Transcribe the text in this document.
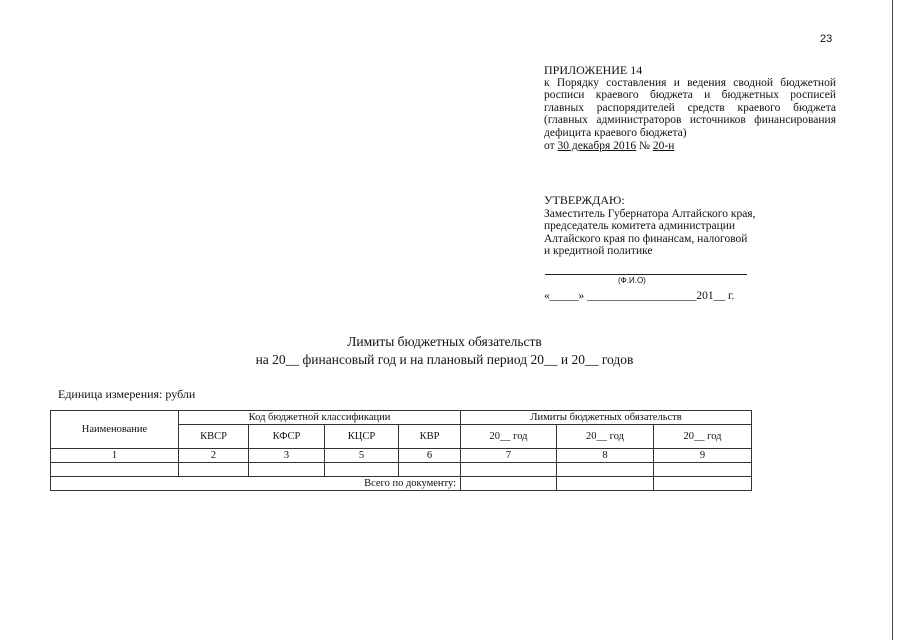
23
ПРИЛОЖЕНИЕ 14
к Порядку составления и ведения сводной бюджетной росписи краевого бюджета и бюджетных росписей главных распорядителей средств краевого бюджета (главных администраторов источников финансирования дефицита краевого бюджета)
от 30 декабря 2016 № 20-н
УТВЕРЖДАЮ:
Заместитель Губернатора Алтайского края,
председатель комитета администрации
Алтайского края по финансам, налоговой
и кредитной политике
(Ф.И.О)
«_____» ___________________201__ г.
Лимиты бюджетных обязательств
на 20__ финансовый год и на плановый период 20__ и 20__ годов
Единица измерения: рубли
Наименование	Код бюджетной классификации				Лимиты бюджетных обязательств		
	КВСР	КФСР	КЦСР	КВР	20__ год	20__ год	20__ год
1	2	3	5	6	7	8	9

Всего по документу:							
